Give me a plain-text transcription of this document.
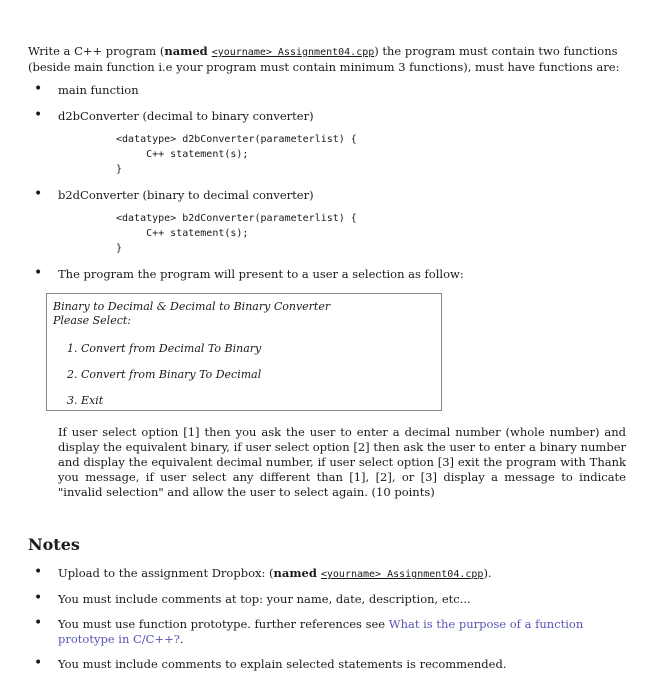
Write a C++ program (named <yourname> Assignment04.cpp) the program must contain two functions (beside main function i.e your program must contain minimum 3 functions), must have functions are:

• main function
• d2bConverter (decimal to binary converter)
<datatype> d2bConverter(parameterlist) {
C++ statement(s);
}
• b2dConverter (binary to decimal converter)
<datatype> b2dConverter(parameterlist) {
C++ statement(s);
}
• The program the program will present to a user a selection as follow:
Binary to Decimal & Decimal to Binary Converter
Please Select:
1. Convert from Decimal To Binary
2. Convert from Binary To Decimal
3. Exit

If user select option [1] then you ask the user to enter a decimal number (whole number) and display the equivalent binary, if user select option [2] then ask the user to enter a binary number and display the equivalent decimal number, if user select option [3] exit the program with Thank you message, if user select any different than [1], [2], or [3] display a message to indicate "invalid selection" and allow the user to select again. (10 points)

Notes
• Upload to the assignment Dropbox: (named <yourname> Assignment04.cpp).
• You must include comments at top: your name, date, description, etc...
• You must use function prototype. further references see What is the purpose of a function prototype in C/C++?.
• You must include comments to explain selected statements is recommended.
